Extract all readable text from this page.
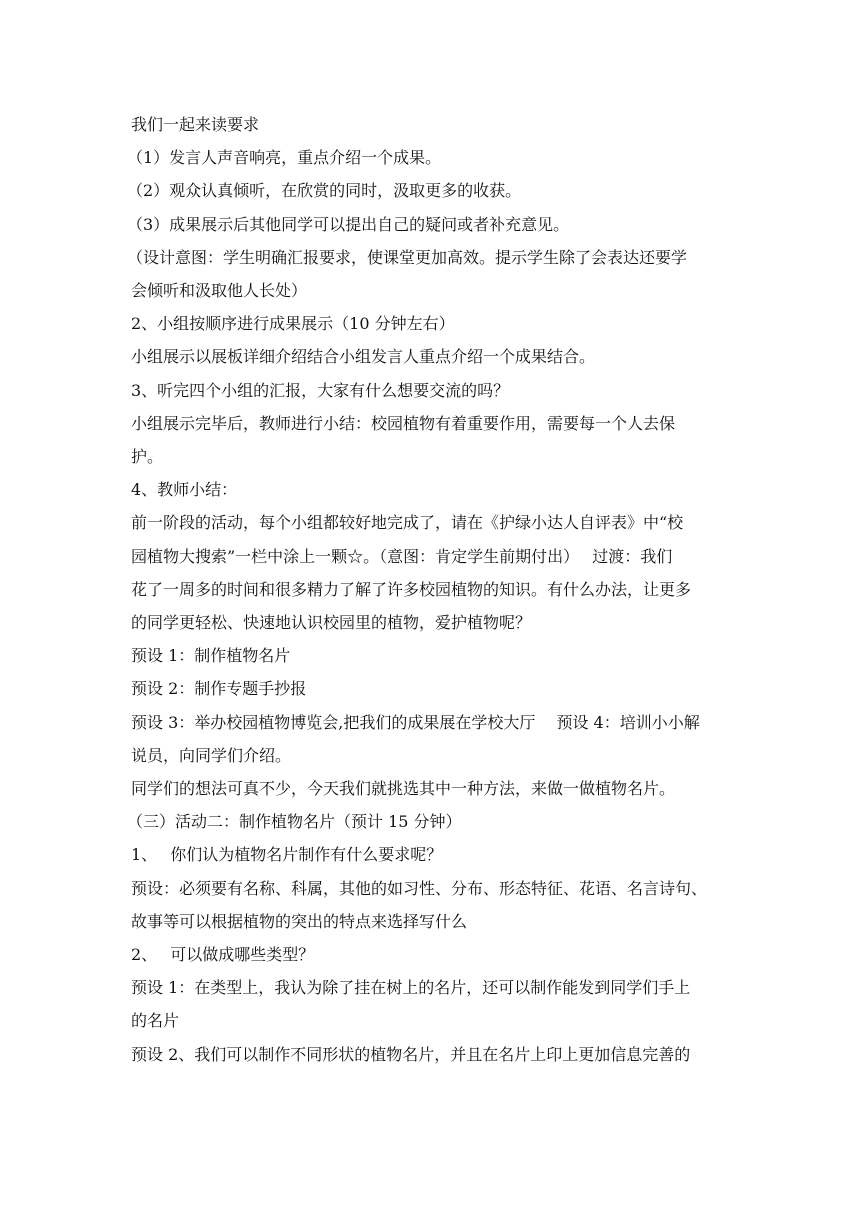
我们一起来读要求

（1）发言人声音响亮，重点介绍一个成果。

（2）观众认真倾听，在欣赏的同时，汲取更多的收获。

（3）成果展示后其他同学可以提出自己的疑问或者补充意见。

（设计意图：学生明确汇报要求，使课堂更加高效。提示学生除了会表达还要学

会倾听和汲取他人长处）

2、小组按顺序进行成果展示（10 分钟左右）

小组展示以展板详细介绍结合小组发言人重点介绍一个成果结合。

3、听完四个小组的汇报，大家有什么想要交流的吗？

小组展示完毕后，教师进行小结：校园植物有着重要作用，需要每一个人去保

护。

4、教师小结：

前一阶段的活动，每个小组都较好地完成了，请在《护绿小达人自评表》中“校

园植物大搜索”一栏中涂上一颗☆。（意图：肯定学生前期付出）　 过渡：我们

花了一周多的时间和很多精力了解了许多校园植物的知识。有什么办法，让更多

的同学更轻松、快速地认识校园里的植物，爱护植物呢？

预设 1：制作植物名片

预设 2：制作专题手抄报

预设 3：举办校园植物博览会,把我们的成果展在学校大厅　 预设 4：培训小小解

说员，向同学们介绍。

同学们的想法可真不少，今天我们就挑选其中一种方法，来做一做植物名片。

（三）活动二：制作植物名片（预计 15 分钟）

1、　 你们认为植物名片制作有什么要求呢？

预设：必须要有名称、科属，其他的如习性、分布、形态特征、花语、名言诗句、

故事等可以根据植物的突出的特点来选择写什么

2、　 可以做成哪些类型？

预设 1：在类型上，我认为除了挂在树上的名片，还可以制作能发到同学们手上

的名片

预设 2、我们可以制作不同形状的植物名片，并且在名片上印上更加信息完善的
